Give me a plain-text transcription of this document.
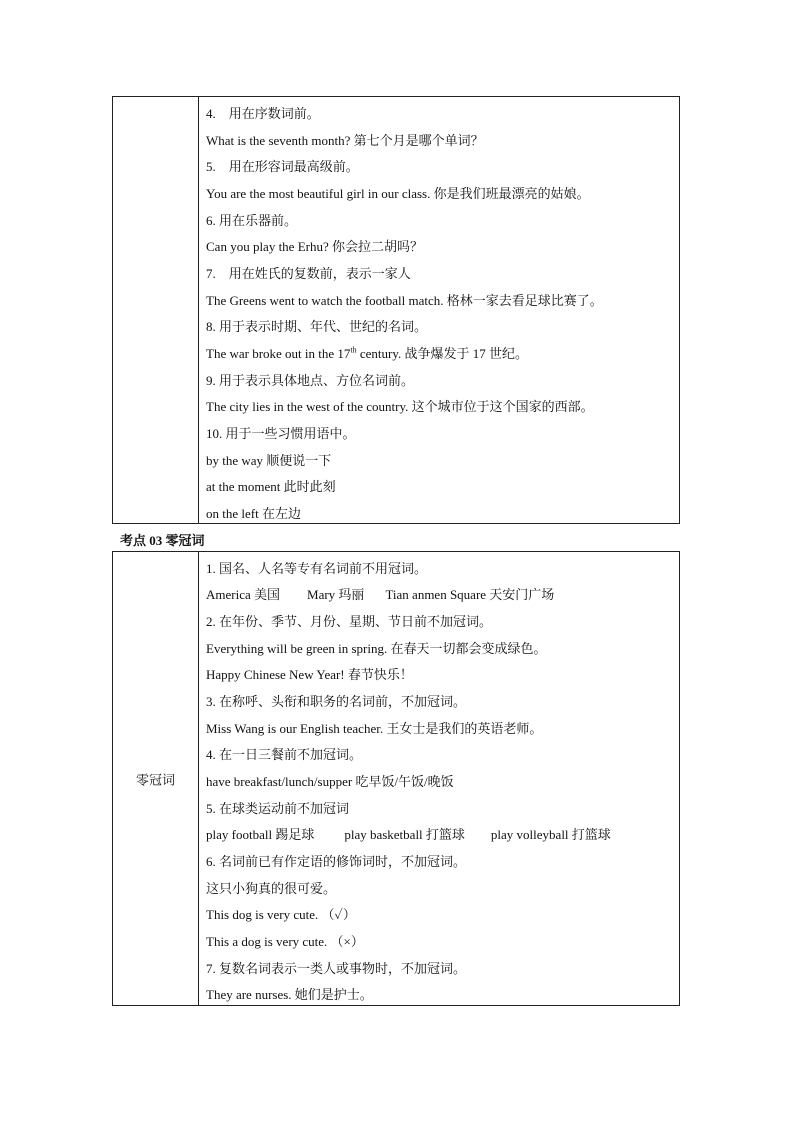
4.　用在序数词前。
What is the seventh month? 第七个月是哪个单词？
5.　用在形容词最高级前。
You are the most beautiful girl in our class. 你是我们班最漂亮的姑娘。
6. 用在乐器前。
Can you play the Erhu? 你会拉二胡吗？
7.　用在姓氏的复数前，表示一家人
The Greens went to watch the football match. 格林一家去看足球比赛了。
8. 用于表示时期、年代、世纪的名词。
The war broke out in the 17th century. 战争爆发于 17 世纪。
9. 用于表示具体地点、方位名词前。
The city lies in the west of the country. 这个城市位于这个国家的西部。
10. 用于一些习惯用语中。
by the way 顺便说一下
at the moment 此时此刻
on the left 在左边
考点 03 零冠词
零冠词
1. 国名、人名等专有名词前不用冠词。
America 美国 Mary 玛丽 Tian anmen Square 天安门广场
2. 在年份、季节、月份、星期、节日前不加冠词。
Everything will be green in spring. 在春天一切都会变成绿色。
Happy Chinese New Year! 春节快乐！
3. 在称呼、头衔和职务的名词前，不加冠词。
Miss Wang is our English teacher. 王女士是我们的英语老师。
4. 在一日三餐前不加冠词。
have breakfast/lunch/supper 吃早饭/午饭/晚饭
5. 在球类运动前不加冠词
play football 踢足球 play basketball 打篮球 play volleyball 打篮球
6. 名词前已有作定语的修饰词时，不加冠词。
这只小狗真的很可爱。
This dog is very cute. （✓）
This a dog is very cute. （×）
7. 复数名词表示一类人或事物时，不加冠词。
They are nurses. 她们是护士。
